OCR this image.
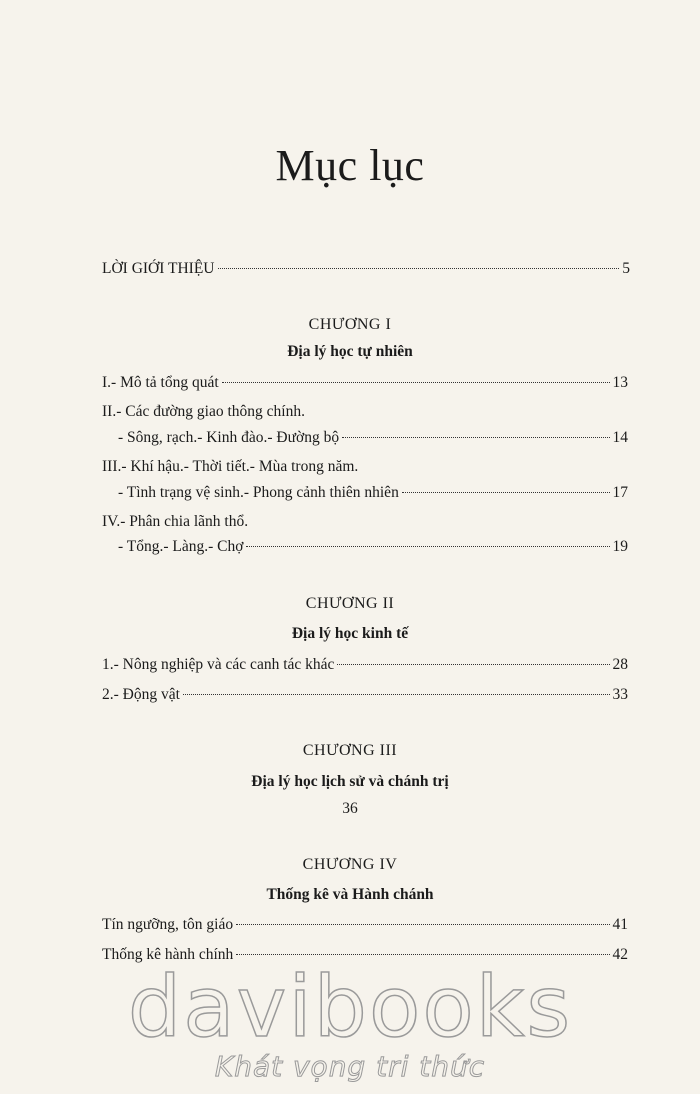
Mục lục
LỜI GIỚI THIỆU	5
CHƯƠNG I
Địa lý học tự nhiên
I.- Mô tả tổng quát	13
II.- Các đường giao thông chính.
- Sông, rạch.- Kinh đào.- Đường bộ	14
III.- Khí hậu.- Thời tiết.- Mùa trong năm.
- Tình trạng vệ sinh.- Phong cảnh thiên nhiên	17
IV.- Phân chia lãnh thổ.
- Tổng.- Làng.- Chợ	19
CHƯƠNG II
Địa lý học kinh tế
1.- Nông nghiệp và các canh tác khác	28
2.- Động vật	33
CHƯƠNG III
Địa lý học lịch sử và chánh trị
36
CHƯƠNG IV
Thống kê và Hành chánh
Tín ngưỡng, tôn giáo	41
Thống kê hành chính	42
davibooks
Khát vọng tri thức
